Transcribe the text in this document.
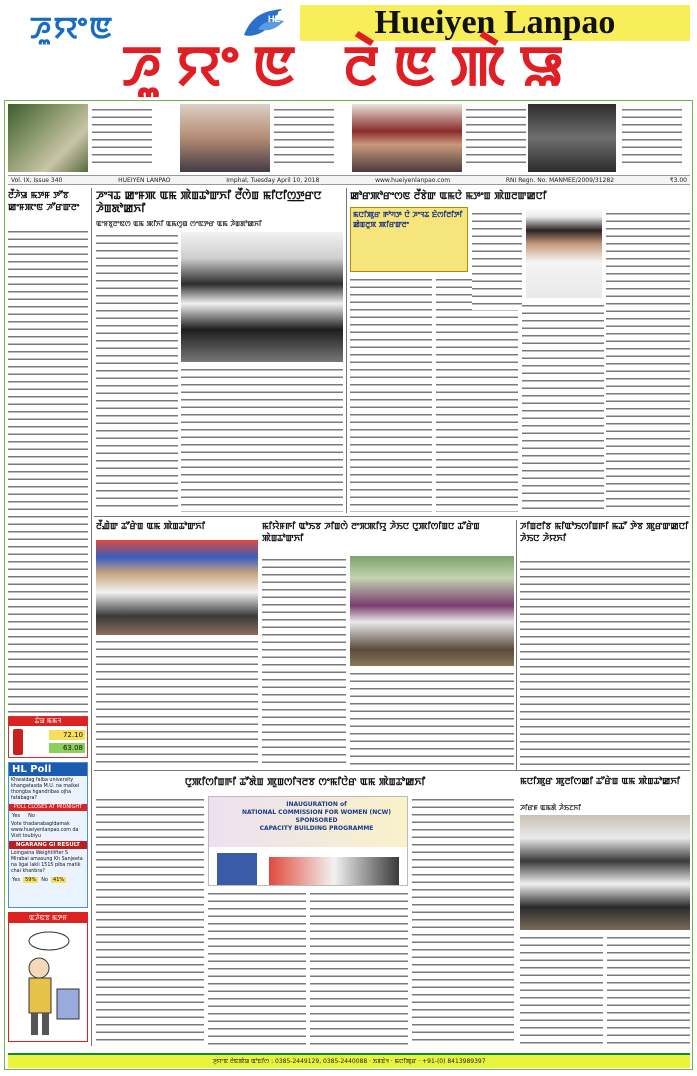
ꯍꯨꯌꯦꯟ	HL	Hueiyen Lanpao
ꯍꯨꯌꯦꯟ ꯂꯥꯟꯄꯥꯎ
Vol. IX, Issue 340	HUEIYEN LANPAO	Imphal, Tuesday April 10, 2018	www.hueiyenlanpao.com	RNI Regn. No. MANMEE/2009/31282	₹3.00
ꯂꯩꯍꯥꯎ ꯃꯇꯝ ꯇꯧꯕ ꯀꯦꯝꯄꯦꯟ ꯍꯧꯔꯛꯂꯦ
ꯊꯥꯎ ꯃꯃꯜ
72.10
63.08
HL Poll
Khwaidag faiba university khangatasda M.U. na maikei thongba hgandribas ojha fatabagra?
POLL CLOSES AT MIDNIGHT
Yes No
Vote thadanabagidamak www.hueiyenlanpao.com da Visit toubiyu
NGARANG GI RESULT
Loingaina Weightlifter S Mirabai amasung Kh Sanjeeta na ligai lakli 1515 piba matik chai khanbra?
Yes	59%	No	41%
ꯑꯍꯥꯟꯕ ꯃꯇꯝ
ꯍꯦꯜꯊ ꯀꯦꯝꯄ ꯑꯃ ꯄꯥꯡꯊꯣꯛꯈꯤ ꯂꯩꯁꯥꯡ ꯃꯤꯅꯤꯁ꯭ꯇꯔꯅ ꯍꯥꯡꯗꯣꯀꯈꯤ
ꯑꯦꯝꯕꯨꯂꯦꯟꯁ ꯑꯃ ꯄꯤꯈꯤ ꯑꯃꯁꯨꯡ ꯁꯦꯟꯇꯔ ꯑꯃ ꯍꯥꯡꯗꯣꯀꯈꯤ
ꯃꯅꯤꯄꯨꯔ ꯒꯣꯚꯇ ꯅꯥ ꯍꯦꯜꯊ ꯐꯥꯁꯤꯂꯤꯇꯤ ꯀꯥꯡꯂꯨꯞ ꯄꯤꯔꯛꯂꯦ
ꯀꯣꯔꯄꯣꯔꯦꯁꯟ ꯂꯩꯕꯥꯛ ꯑꯃꯅꯥ ꯃꯇꯦꯡ ꯄꯥꯡꯂꯛꯀꯅꯤ
ꯂꯩꯉꯥꯛ ꯊꯧꯔꯥꯡ ꯑꯃ ꯄꯥꯡꯊꯣꯛꯈꯤ	ꯃꯤꯌꯥꯝꯒꯤ ꯑꯣꯏꯕ ꯍꯤꯡꯁꯥ ꯂꯦꯞꯄꯤꯌꯨ ꯍꯥꯏꯅ ꯅꯨꯄꯤꯁꯤꯡꯅ ꯊꯧꯔꯥꯡ ꯄꯥꯡꯊꯣꯛꯈꯤ
ꯍꯤꯡꯂꯤꯕ ꯃꯤꯑꯣꯏꯁꯤꯡꯒꯤ ꯃꯊꯧ ꯇꯥꯕ ꯄꯨꯔꯛꯀꯅꯤ ꯍꯥꯏꯅ ꯍꯥꯌꯈꯤ
ꯅꯨꯄꯤꯁꯤꯡꯒꯤ ꯊꯧꯗꯥꯡ ꯄꯨꯡꯁꯤꯜꯂꯕ ꯁꯦꯃꯤꯅꯥꯔ ꯑꯃ ꯄꯥꯡꯊꯣꯀꯈꯤ
INAUGURATION of
NATIONAL COMMISSION FOR WOMEN (NCW) SPONSORED
CAPACITY BUILDING PROGRAMME
ꯃꯅꯤꯄꯨꯔ ꯄꯨꯂꯤꯁꯀꯤ ꯊꯧꯔꯥꯡ ꯑꯃ ꯄꯥꯡꯊꯣꯀꯈꯤ
ꯍꯤꯔꯝ ꯑꯃꯗꯥ ꯍꯥꯏꯖꯈꯤ
ꯍꯨꯌꯦꯟ ꯂꯥꯟꯄꯥꯎ ꯑꯣꯐꯤꯁ : 0385-2449129, 0385-2440088 · ꯏꯝꯐꯥꯜ · ꯃꯅꯤꯄꯨꯔ · +91-(0) 8413989397
